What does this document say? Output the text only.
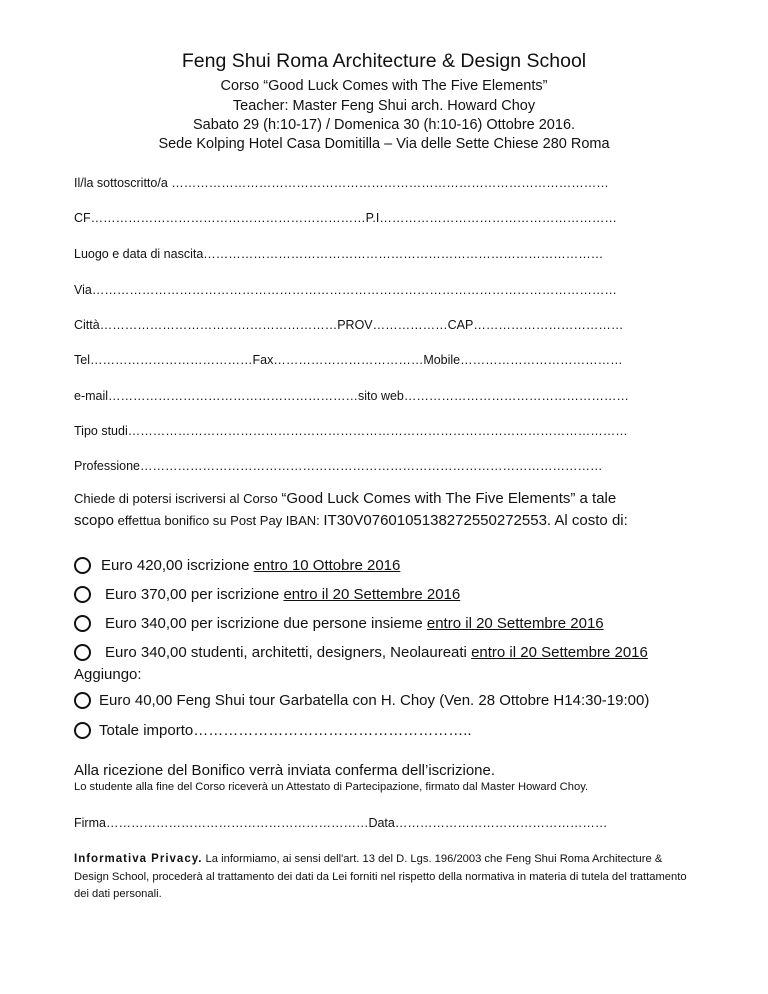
Feng Shui Roma Architecture & Design School
Corso “Good Luck Comes with The Five Elements”
Teacher: Master Feng Shui arch. Howard Choy
Sabato 29 (h:10-17) / Domenica 30 (h:10-16) Ottobre 2016.
Sede Kolping Hotel Casa Domitilla – Via delle Sette Chiese 280 Roma
Il/la sottoscritto/a ……………………………………………………………………………………………
CF…………………………………………………………P.I…………………………………………………
Luogo e data di nascita……………………………………………………………………………………
Via………………………………………………………………………………………………………………
Città…………………………………………………PROV………………CAP………………………………
Tel…………………………………Fax………………………………Mobile…………………………………
e-mail……………………………………………………sito web………………………………………………
Tipo studi…………………………………………………………………………………………………………
Professione…………………………………………………………………………………………………
Chiede di potersi iscriversi al Corso “Good Luck Comes with The Five Elements” a tale
scopo effettua bonifico su Post Pay IBAN: IT30V0760105138272550272553. Al costo di:
Euro 420,00 iscrizione
entro 10 Ottobre 2016
Euro 370,00 per iscrizione
entro il 20 Settembre 2016
Euro 340,00 per iscrizione due persone insieme
entro il 20 Settembre 2016
Euro 340,00 studenti, architetti, designers, Neolaureati
entro il 20 Settembre 2016
Aggiungo:
Euro 40,00 Feng Shui tour Garbatella con H. Choy (Ven. 28 Ottobre H14:30-19:00)
Totale importo………………………………………………..
Alla ricezione del Bonifico verrà inviata conferma dell’iscrizione.
Lo studente alla fine del Corso riceverà un Attestato di Partecipazione, firmato dal Master Howard Choy.
Firma………………………………………………………Data……………………………………………
Informativa Privacy. La informiamo, ai sensi dell'art. 13 del D. Lgs. 196/2003 che Feng Shui Roma Architecture & Design School, procederà al trattamento dei dati da Lei forniti nel rispetto della normativa in materia di tutela del trattamento dei dati personali.
